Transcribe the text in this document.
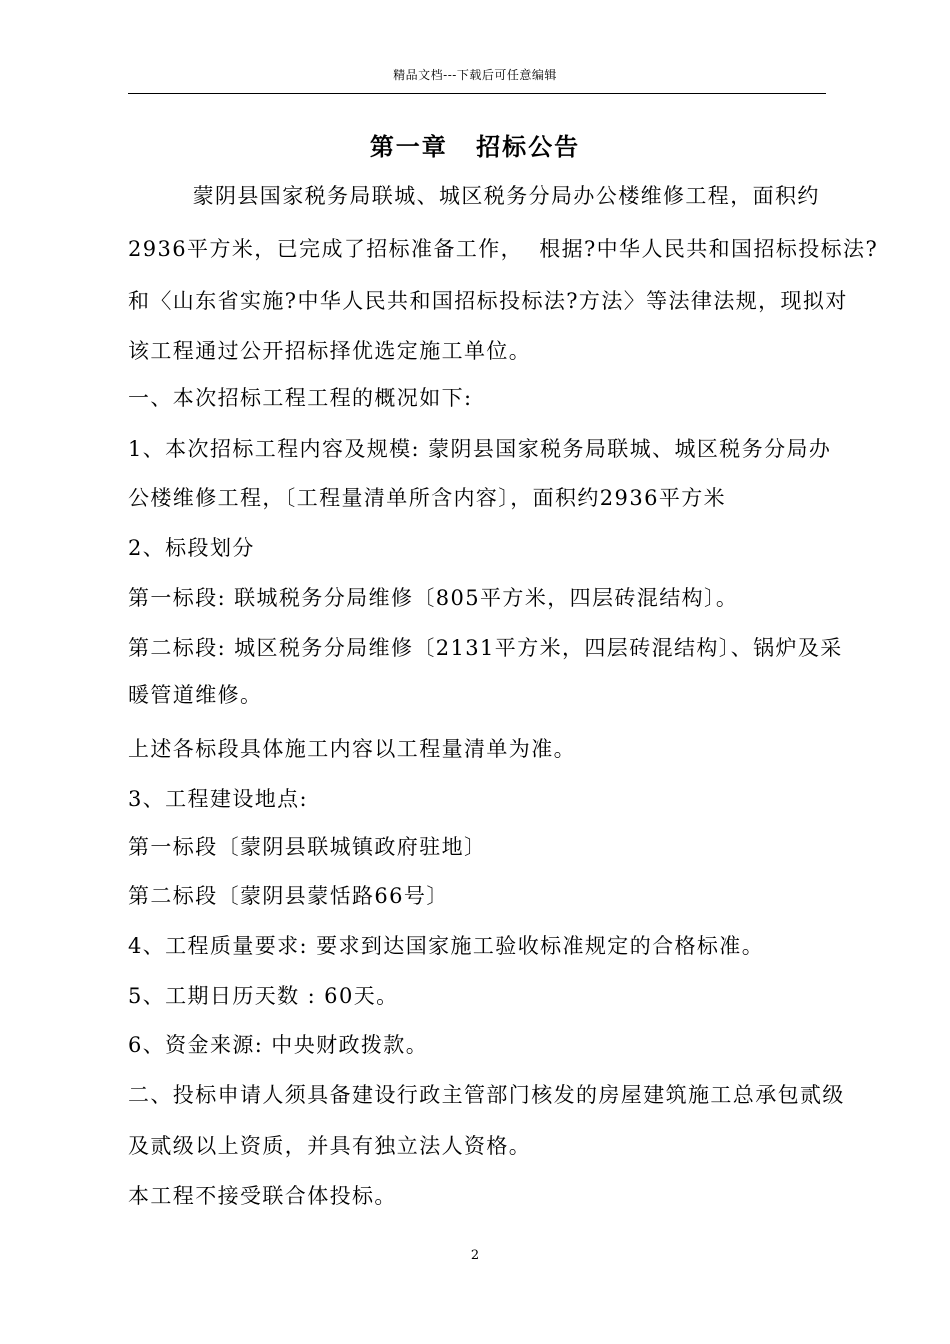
精品文档---下载后可任意编辑
第一章 招标公告
蒙阴县国家税务局联城、城区税务分局办公楼维修工程，面积约
2936平方米，已完成了招标准备工作，  根据?中华人民共和国招标投标法?
和〈山东省实施?中华人民共和国招标投标法?方法〉等法律法规，现拟对
该工程通过公开招标择优选定施工单位。
一、本次招标工程工程的概况如下:
1、本次招标工程内容及规模: 蒙阴县国家税务局联城、城区税务分局办
公楼维修工程，〔工程量清单所含内容〕，面积约2936平方米
2、标段划分
第一标段: 联城税务分局维修〔805平方米，四层砖混结构〕。
第二标段: 城区税务分局维修〔2131平方米，四层砖混结构〕、锅炉及采
暖管道维修。
上述各标段具体施工内容以工程量清单为准。
3、工程建设地点:
第一标段〔蒙阴县联城镇政府驻地〕
第二标段〔蒙阴县蒙恬路66号〕
4、工程质量要求: 要求到达国家施工验收标准规定的合格标准。
5、工期日历天数 : 60天。
6、资金来源: 中央财政拨款。
二、投标申请人须具备建设行政主管部门核发的房屋建筑施工总承包贰级
及贰级以上资质，并具有独立法人资格。
本工程不接受联合体投标。
2
